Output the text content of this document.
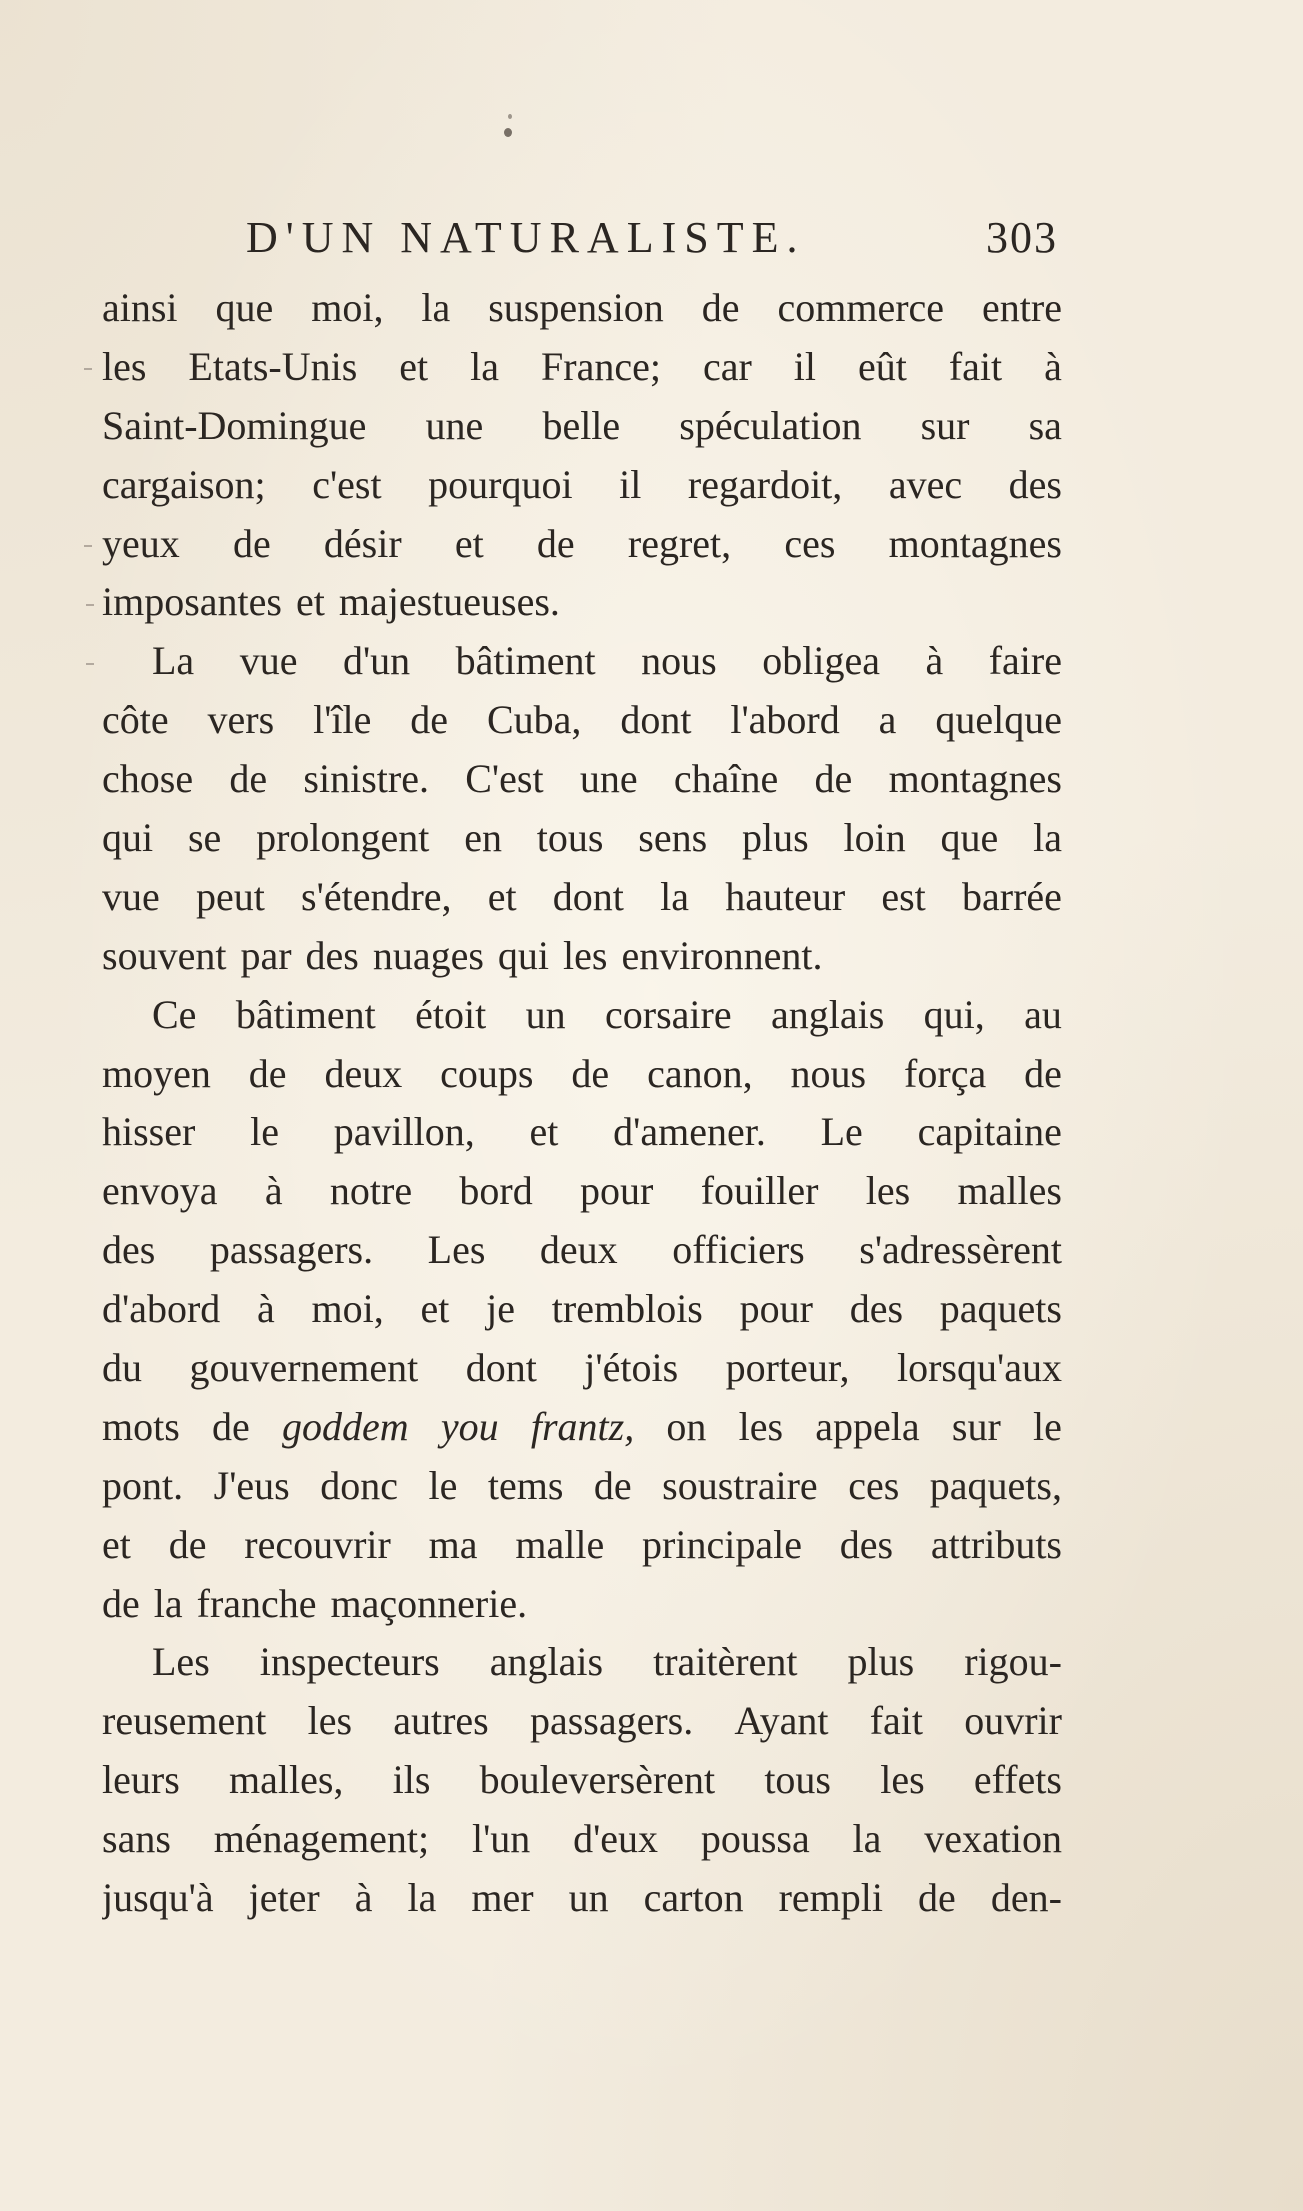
D'UN NATURALISTE.	303
ainsi que moi, la suspension de commerce entre
les Etats-Unis et la France; car il eût fait à
Saint-Domingue une belle spéculation sur sa
cargaison; c'est pourquoi il regardoit, avec des
yeux de désir et de regret, ces montagnes
imposantes et majestueuses.
La vue d'un bâtiment nous obligea à faire
côte vers l'île de Cuba, dont l'abord a quelque
chose de sinistre. C'est une chaîne de montagnes
qui se prolongent en tous sens plus loin que la
vue peut s'étendre, et dont la hauteur est barrée
souvent par des nuages qui les environnent.
Ce bâtiment étoit un corsaire anglais qui, au
moyen de deux coups de canon, nous força de
hisser le pavillon, et d'amener. Le capitaine
envoya à notre bord pour fouiller les malles
des passagers. Les deux officiers s'adressèrent
d'abord à moi, et je tremblois pour des paquets
du gouvernement dont j'étois porteur, lorsqu'aux
mots de goddem you frantz, on les appela sur le
pont. J'eus donc le tems de soustraire ces paquets,
et de recouvrir ma malle principale des attributs
de la franche maçonnerie.
Les inspecteurs anglais traitèrent plus rigou-
reusement les autres passagers. Ayant fait ouvrir
leurs malles, ils bouleversèrent tous les effets
sans ménagement; l'un d'eux poussa la vexation
jusqu'à jeter à la mer un carton rempli de den-
